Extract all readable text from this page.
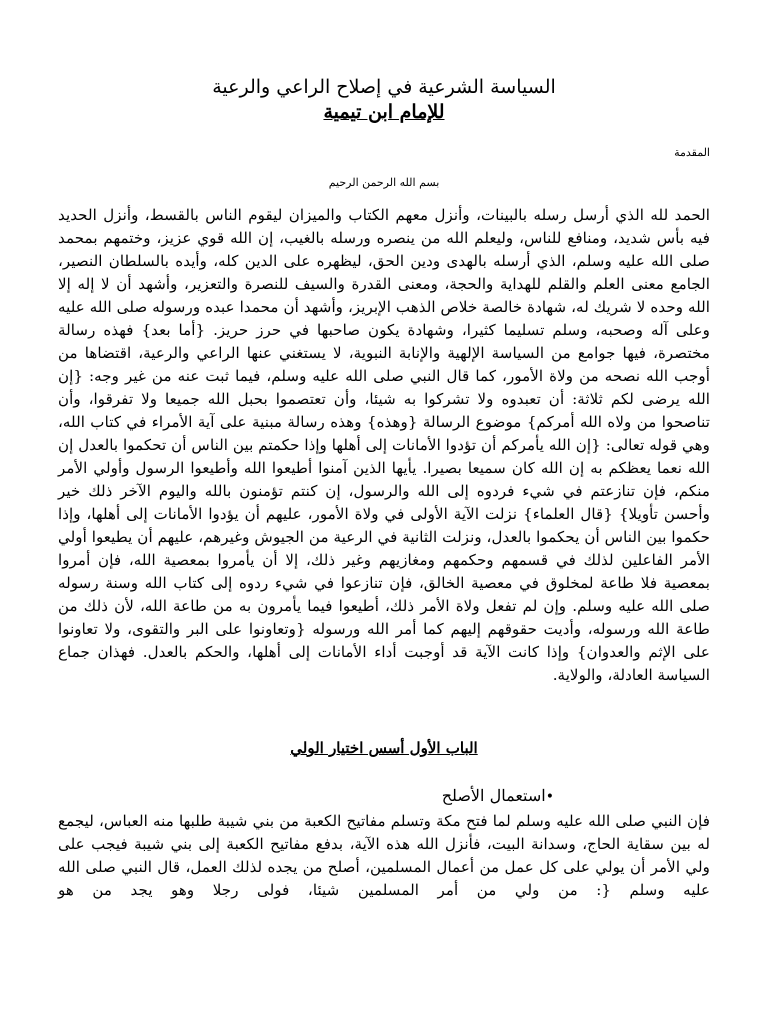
السياسة الشرعية في إصلاح الراعي والرعية
للإمام ابن تيمية
المقدمة
بسم الله الرحمن الرحيم

الحمد لله الذي أرسل رسله بالبينات، وأنزل معهم الكتاب والميزان ليقوم الناس بالقسط، وأنزل الحديد فيه بأس شديد، ومنافع للناس، وليعلم الله من ينصره ورسله بالغيب، إن الله قوي عزيز، وختمهم بمحمد صلى الله عليه وسلم، الذي أرسله بالهدى ودين الحق، ليظهره على الدين كله، وأيده بالسلطان النصير، الجامع معنى العلم والقلم للهداية والحجة، ومعنى القدرة والسيف للنصرة والتعزير، وأشهد أن لا إله إلا الله وحده لا شريك له، شهادة خالصة خلاص الذهب الإبريز، وأشهد أن محمدا عبده ورسوله صلى الله عليه وعلى آله وصحبه، وسلم تسليما كثيرا، وشهادة يكون صاحبها في حرز حريز. {أما بعد} فهذه رسالة مختصرة، فيها جوامع من السياسة الإلهية والإنابة النبوية، لا يستغني عنها الراعي والرعية، اقتضاها من أوجب الله نصحه من ولاة الأمور، كما قال النبي صلى الله عليه وسلم، فيما ثبت عنه من غير وجه: {إن الله يرضى لكم ثلاثة: أن تعبدوه ولا تشركوا به شيئا، وأن تعتصموا بحبل الله جميعا ولا تفرقوا، وأن تناصحوا من ولاه الله أمركم} موضوع الرسالة {وهذه} وهذه رسالة مبنية على آية الأمراء في كتاب الله، وهي قوله تعالى: {إن الله يأمركم أن تؤدوا الأمانات إلى أهلها وإذا حكمتم بين الناس أن تحكموا بالعدل إن الله نعما يعظكم به إن الله كان سميعا بصيرا. يأيها الذين آمنوا أطيعوا الله وأطيعوا الرسول وأولي الأمر منكم، فإن تنازعتم في شيء فردوه إلى الله والرسول، إن كنتم تؤمنون بالله واليوم الآخر ذلك خير وأحسن تأويلا} {قال العلماء} نزلت الآية الأولى في ولاة الأمور، عليهم أن يؤدوا الأمانات إلى أهلها، وإذا حكموا بين الناس أن يحكموا بالعدل، ونزلت الثانية في الرعية من الجيوش وغيرهم، عليهم أن يطيعوا أولي الأمر الفاعلين لذلك في قسمهم وحكمهم ومغازيهم وغير ذلك، إلا أن يأمروا بمعصية الله، فإن أمروا بمعصية فلا طاعة لمخلوق في معصية الخالق، فإن تنازعوا في شيء ردوه إلى كتاب الله وسنة رسوله صلى الله عليه وسلم. وإن لم تفعل ولاة الأمر ذلك، أطيعوا فيما يأمرون به من طاعة الله، لأن ذلك من طاعة الله ورسوله، وأديت حقوقهم إليهم كما أمر الله ورسوله {وتعاونوا على البر والتقوى، ولا تعاونوا على الإثم والعدوان} وإذا كانت الآية قد أوجبت أداء الأمانات إلى أهلها، والحكم بالعدل. فهذان جماع السياسة العادلة، والولاية.

الباب الأول أسس اختيار الولي
•استعمال الأصلح

فإن النبي صلى الله عليه وسلم لما فتح مكة وتسلم مفاتيح الكعبة من بني شيبة طلبها منه العباس، ليجمع له بين سقاية الحاج، وسدانة البيت، فأنزل الله هذه الآية، بدفع مفاتيح الكعبة إلى بني شيبة فيجب على ولي الأمر أن يولي على كل عمل من أعمال المسلمين، أصلح من يجده لذلك العمل، قال النبي صلى الله عليه وسلم {: من ولي من أمر المسلمين شيئا، فولى رجلا وهو يجد من هو
